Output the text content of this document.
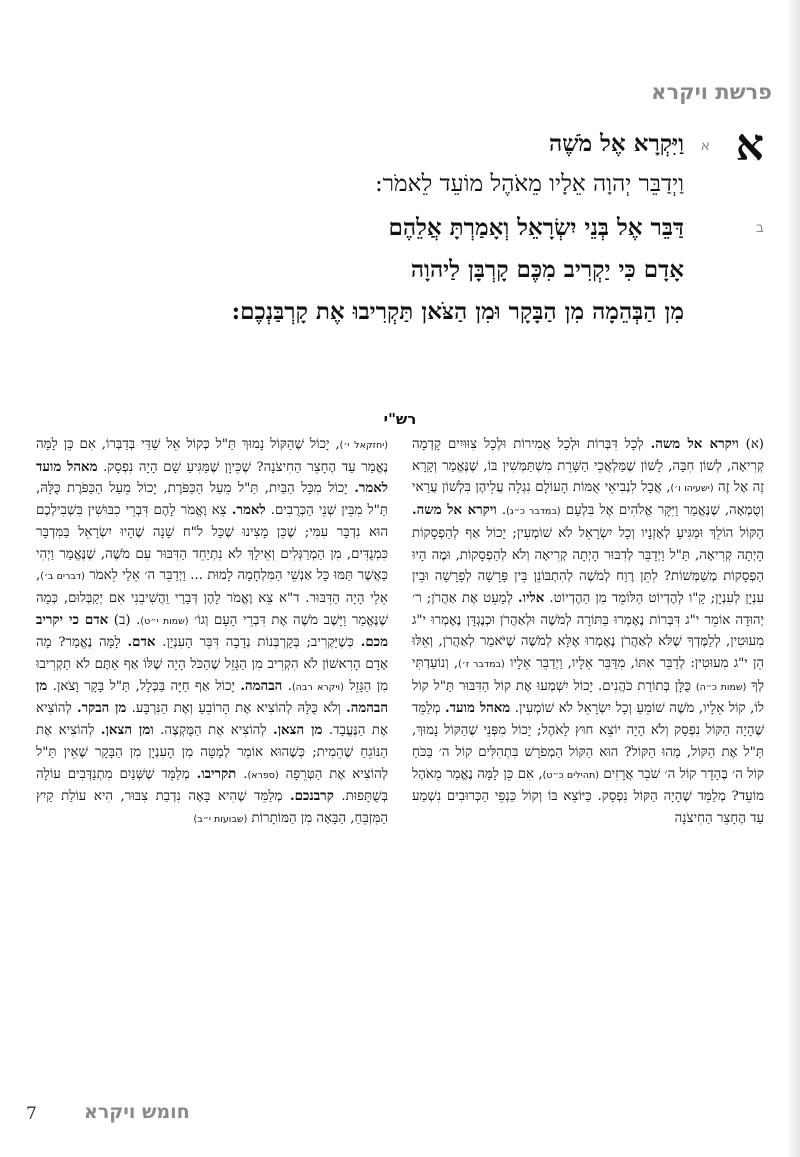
פרשת ויקרא
א
א
ב
וַיִּקְרָא אֶל מֹשֶׁה
וַיְדַבֵּר יְהוָה אֵלָיו מֵאֹהֶל מוֹעֵד לֵאמֹר:
דַּבֵּר אֶל בְּנֵי יִשְׂרָאֵל וְאָמַרְתָּ אֲלֵהֶם
אָדָם כִּי יַקְרִיב מִכֶּם קָרְבָּן לַיהוָה
מִן הַבְּהֵמָה מִן הַבָּקָר וּמִן הַצֹּאן תַּקְרִיבוּ אֶת קָרְבַּנְכֶם:
רש"י

(א) ויקרא אל משה. לְכָל דִּבְּרוֹת וּלְכָל אֲמִירוֹת וּלְכָל צִוּוּיִים קָדְמָה קְרִיאָה, לְשׁוֹן חִבָּה, לָשׁוֹן שֶׁמַּלְאֲכֵי הַשָּׁרֵת מִשְׁתַּמְּשִׁין בּוֹ, שֶׁנֶּאֱמַר וְקָרָא זֶה אֶל זֶה (ישעיהו ו׳), אֲבָל לִנְבִיאֵי אֻמּוֹת הָעוֹלָם נִגְלָה עֲלֵיהֶן בִּלְשׁוֹן עֲרַאי וְטֻמְאָה, שֶׁנֶּאֱמַר וַיִּקָּר אֱלֹהִים אֶל בִּלְעָם (במדבר כ״ג). ויקרא אל משה. הַקּוֹל הוֹלֵךְ וּמַגִּיעַ לְאָזְנָיו וְכָל יִשְׂרָאֵל לֹא שׁוֹמְעִין; יָכוֹל אַף לְהַפְסָקוֹת הָיְתָה קְרִיאָה, תַּ"ל וַיְדַבֵּר לְדִבּוּר הָיְתָה קְרִיאָה וְלֹא לְהַפְסָקוֹת, וּמֶה הָיוּ הַפְסָקוֹת מְשַׁמְּשׁוֹת? לִתֵּן רֶוַח לְמֹשֶׁה לְהִתְבּוֹנֵן בֵּין פָּרָשָׁה לְפָרָשָׁה וּבֵין עִנְיָן לְעִנְיָן; קַ"ו לְהֶדְיוֹט הַלּוֹמֵד מִן הַהֶדְיוֹט. אליו. לְמַעֵט אֶת אַהֲרֹן; ר׳ יְהוּדָה אוֹמֵר י"ג דִּבְּרוֹת נֶאֶמְרוּ בַּתּוֹרָה לְמֹשֶׁה וּלְאַהֲרֹן וּכְנֶגְדָּן נֶאֶמְרוּ י"ג מִעוּטִין, לְלַמֶּדְךָ שֶׁלֹּא לְאַהֲרֹן נֶאֶמְרוּ אֶלָּא לְמֹשֶׁה שֶׁיֹּאמַר לְאַהֲרֹן, וְאֵלּוּ הֵן י"ג מִעוּטִין: לְדַבֵּר אִתּוֹ, מִדַּבֵּר אֵלָיו, וַיְדַבֵּר אֵלָיו (במדבר ז׳), וְנוֹעַדְתִּי לְךָ (שמות כ״ה) כֻּלָּן בְּתוֹרַת כֹּהֲנִים. יָכוֹל יִשְׁמְעוּ אֶת קוֹל הַדִּבּוּר תַּ"ל קוֹל לוֹ, קוֹל אֵלָיו, מֹשֶׁה שׁוֹמֵעַ וְכָל יִשְׂרָאֵל לֹא שׁוֹמְעִין. מאהל מועד. מְלַמֵּד שֶׁהָיָה הַקּוֹל נִפְסָק וְלֹא הָיָה יוֹצֵא חוּץ לָאֹהֶל; יָכוֹל מִפְּנֵי שֶׁהַקּוֹל נָמוּךְ, תַּ"ל אֶת הַקּוֹל, מַהוּ הַקּוֹל? הוּא הַקּוֹל הַמְפֹרָשׁ בִּתְהִלִּים קוֹל ה׳ בַּכֹּחַ קוֹל ה׳ בֶּהָדָר קוֹל ה׳ שֹׁבֵר אֲרָזִים (תהילים כ״ט), אִם כֵּן לָמָּה נֶאֱמַר מֵאֹהֶל מוֹעֵד? מְלַמֵּד שֶׁהָיָה הַקּוֹל נִפְסָק. כַּיּוֹצֵא בּוֹ וְקוֹל כַּנְפֵי הַכְּרוּבִים נִשְׁמַע עַד הֶחָצֵר הַחִיצֹנָה

(יחזקאל י׳), יָכוֹל שֶׁהַקּוֹל נָמוּךְ תַּ"ל כְּקוֹל אֵל שַׁדַּי בְּדַבְּרוֹ, אִם כֵּן לָמָּה נֶאֱמַר עַד הֶחָצֵר הַחִיצֹנָה? שֶׁכֵּיוָן שֶׁמַּגִּיעַ שָׁם הָיָה נִפְסָק. מאהל מועד לאמר. יָכוֹל מִכָּל הַבַּיִת, תַּ"ל מֵעַל הַכַּפֹּרֶת, יָכוֹל מֵעַל הַכַּפֹּרֶת כֻּלָּהּ, תַּ"ל מִבֵּין שְׁנֵי הַכְּרֻבִים. לאמר. צֵא וֶאֱמֹר לָהֶם דִּבְרֵי כִבּוּשִׁין בִּשְׁבִילְכֶם הוּא נִדְבָּר עִמִּי; שֶׁכֵּן מָצִינוּ שֶׁכָּל ל"ח שָׁנָה שֶׁהָיוּ יִשְׂרָאֵל בַּמִּדְבָּר כִּמְנֻדִּים, מִן הַמְרַגְּלִים וְאֵילָךְ לֹא נִתְיַחֵד הַדִּבּוּר עִם מֹשֶׁה, שֶׁנֶּאֱמַר וַיְהִי כַּאֲשֶׁר תַּמּוּ כָּל אַנְשֵׁי הַמִּלְחָמָה לָמוּת ... וַיְדַבֵּר ה׳ אֵלַי לֵאמֹר (דברים ב׳), אֵלַי הָיָה הַדִּבּוּר. ד"א צֵא וֶאֱמֹר לָהֶן דְּבָרַי וַהֲשִׁיבֵנִי אִם יְקַבְּלוּם, כְּמָה שֶׁנֶּאֱמַר וַיָּשֶׁב מֹשֶׁה אֶת דִּבְרֵי הָעָם וְגוֹ׳ (שמות י״ט). (ב) אדם כי יקריב מכם. כְּשֶׁיַּקְרִיב; בְּקָרְבְּנוֹת נְדָבָה דִּבֵּר הָעִנְיָן. אדם. לָמָּה נֶאֱמַר? מָה אָדָם הָרִאשׁוֹן לֹא הִקְרִיב מִן הַגָּזֵל שֶׁהַכֹּל הָיָה שֶׁלּוֹ אַף אַתֶּם לֹא תַקְרִיבוּ מִן הַגָּזֵל (ויקרא רבה). הבהמה. יָכוֹל אַף חַיָּה בַּכְּלָל, תַּ"ל בָּקָר וָצֹאן. מן הבהמה. וְלֹא כֻּלָּהּ לְהוֹצִיא אֶת הָרוֹבֵעַ וְאֶת הַנִּרְבָּע. מן הבקר. לְהוֹצִיא אֶת הַנֶּעֱבָד. מן הצאן. לְהוֹצִיא אֶת הַמֻּקְצֶה. ומן הצאן. לְהוֹצִיא אֶת הַנּוֹגֵחַ שֶׁהֵמִית; כְּשֶׁהוּא אוֹמֵר לְמַטָּה מִן הָעִנְיָן מִן הַבָּקָר שֶׁאֵין תַּ"ל לְהוֹצִיא אֶת הַטְּרֵפָה (ספרא). תקריבו. מְלַמֵּד שֶׁשְּׁנַיִם מִתְנַדְּבִים עוֹלָה בְּשֻׁתָּפוּת. קרבנכם. מְלַמֵּד שֶׁהִיא בָּאָה נִדְבַת צִבּוּר, הִיא עוֹלַת קַיִץ הַמִּזְבֵּחַ, הַבָּאָה מִן הַמּוֹתָרוֹת (שבועות י״ב)

חומש ויקרא
7
